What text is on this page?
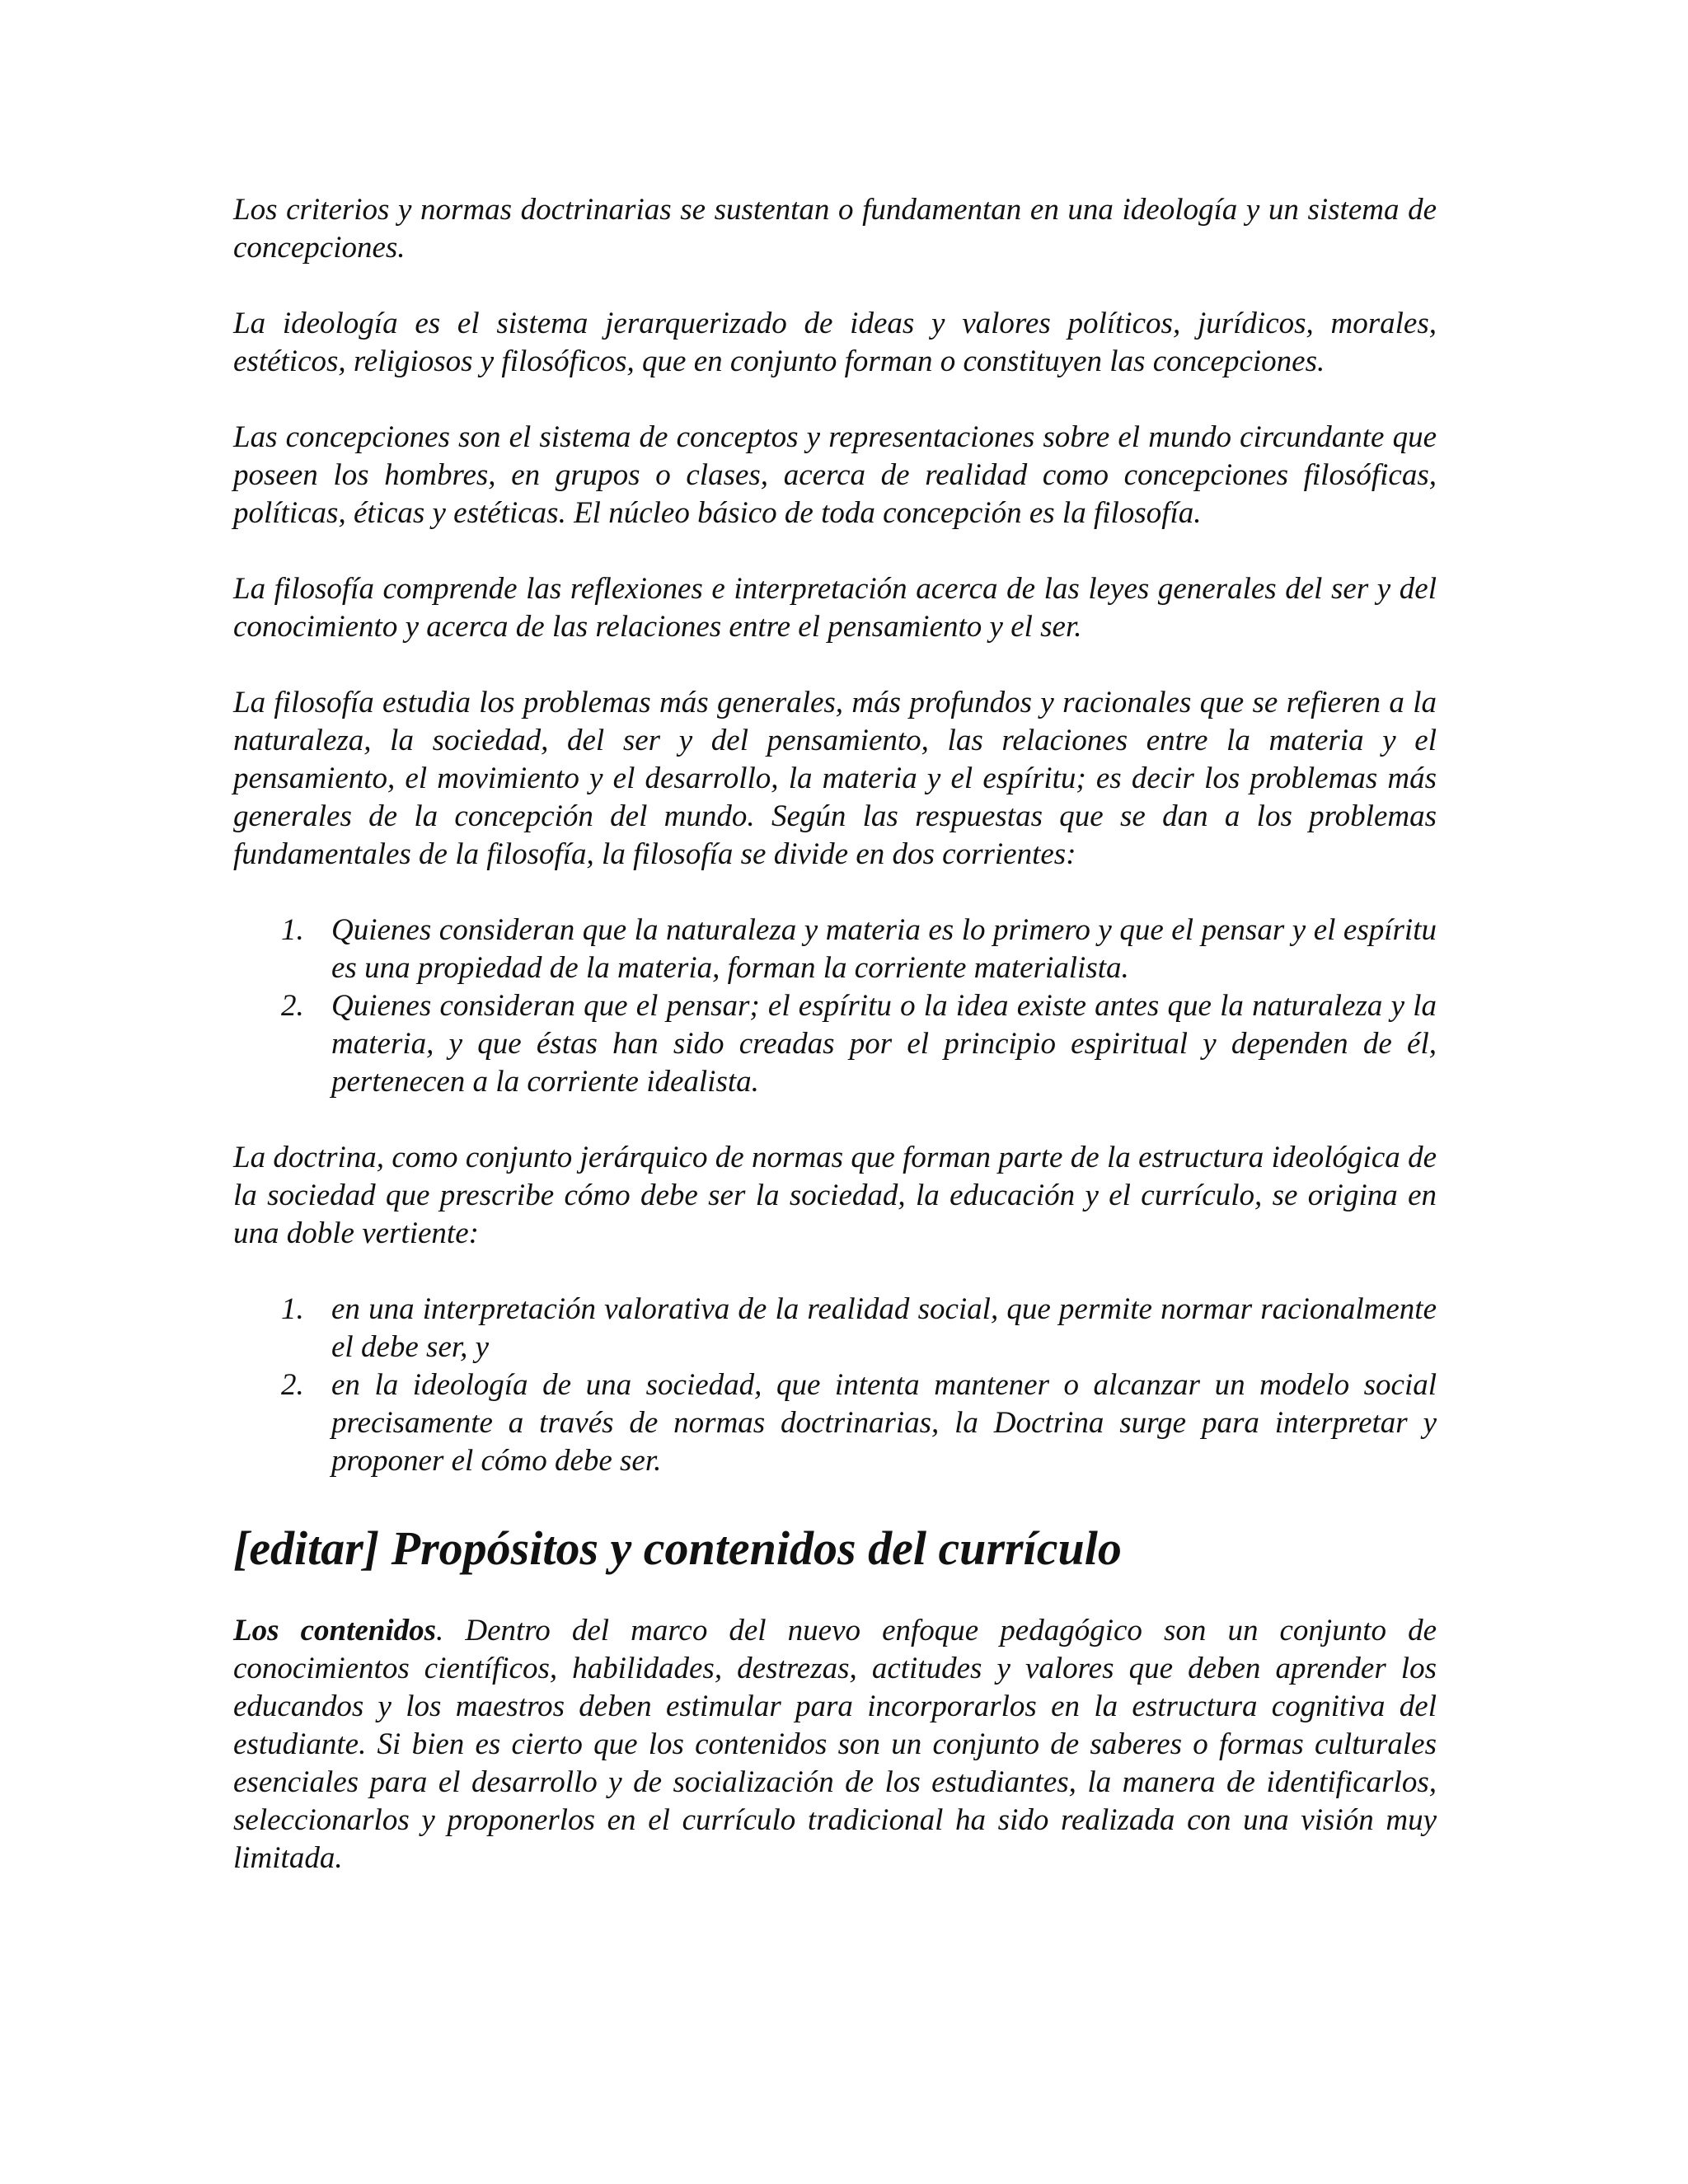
Los criterios y normas doctrinarias se sustentan o fundamentan en una ideología y un sistema de concepciones.

La ideología es el sistema jerarquerizado de ideas y valores políticos, jurídicos, morales, estéticos, religiosos y filosóficos, que en conjunto forman o constituyen las concepciones.

Las concepciones son el sistema de conceptos y representaciones sobre el mundo circundante que poseen los hombres, en grupos o clases, acerca de realidad como concepciones filosóficas, políticas, éticas y estéticas. El núcleo básico de toda concepción es la filosofía.

La filosofía comprende las reflexiones e interpretación acerca de las leyes generales del ser y del conocimiento y acerca de las relaciones entre el pensamiento y el ser.

La filosofía estudia los problemas más generales, más profundos y racionales que se refieren a la naturaleza, la sociedad, del ser y del pensamiento, las relaciones entre la materia y el pensamiento, el movimiento y el desarrollo, la materia y el espíritu; es decir los problemas más generales de la concepción del mundo. Según las respuestas que se dan a los problemas fundamentales de la filosofía, la filosofía se divide en dos corrientes:

1. Quienes consideran que la naturaleza y materia es lo primero y que el pensar y el espíritu es una propiedad de la materia, forman la corriente materialista.
2. Quienes consideran que el pensar; el espíritu o la idea existe antes que la naturaleza y la materia, y que éstas han sido creadas por el principio espiritual y dependen de él, pertenecen a la corriente idealista.

La doctrina, como conjunto jerárquico de normas que forman parte de la estructura ideológica de la sociedad que prescribe cómo debe ser la sociedad, la educación y el currículo, se origina en una doble vertiente:

1. en una interpretación valorativa de la realidad social, que permite normar racionalmente el debe ser, y
2. en la ideología de una sociedad, que intenta mantener o alcanzar un modelo social precisamente a través de normas doctrinarias, la Doctrina surge para interpretar y proponer el cómo debe ser.
[editar] Propósitos y contenidos del currículo

Los contenidos. Dentro del marco del nuevo enfoque pedagógico son un conjunto de conocimientos científicos, habilidades, destrezas, actitudes y valores que deben aprender los educandos y los maestros deben estimular para incorporarlos en la estructura cognitiva del estudiante. Si bien es cierto que los contenidos son un conjunto de saberes o formas culturales esenciales para el desarrollo y de socialización de los estudiantes, la manera de identificarlos, seleccionarlos y proponerlos en el currículo tradicional ha sido realizada con una visión muy limitada.
